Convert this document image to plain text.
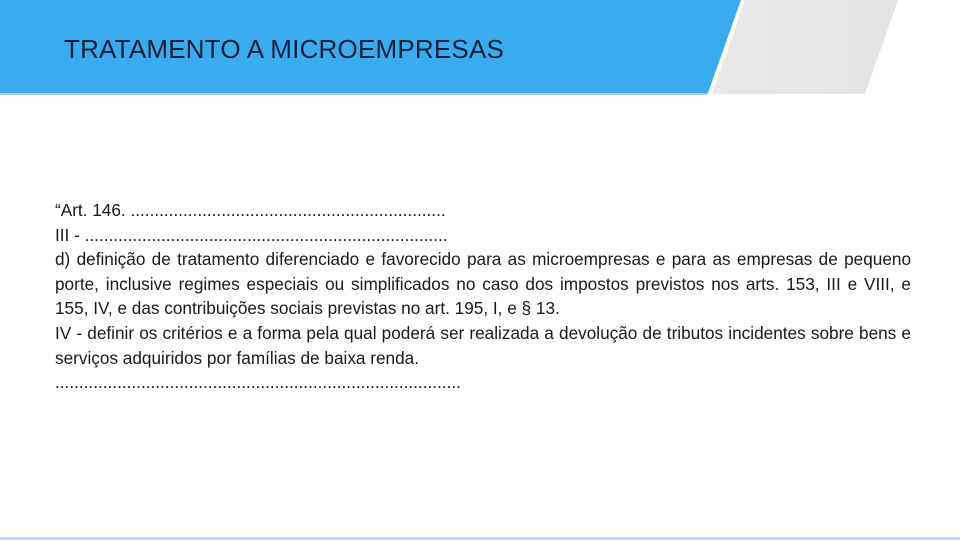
TRATAMENTO A MICROEMPRESAS

“Art. 146. ..................................................................

III - ............................................................................

d) definição de tratamento diferenciado e favorecido para as microempresas e para as empresas de pequeno porte, inclusive regimes especiais ou simplificados no caso dos impostos previstos nos arts. 153, III e VIII, e 155, IV, e das contribuições sociais previstas no art. 195, I, e § 13.

IV - definir os critérios e a forma pela qual poderá ser realizada a devolução de tributos incidentes sobre bens e serviços adquiridos por famílias de baixa renda.

.....................................................................................
